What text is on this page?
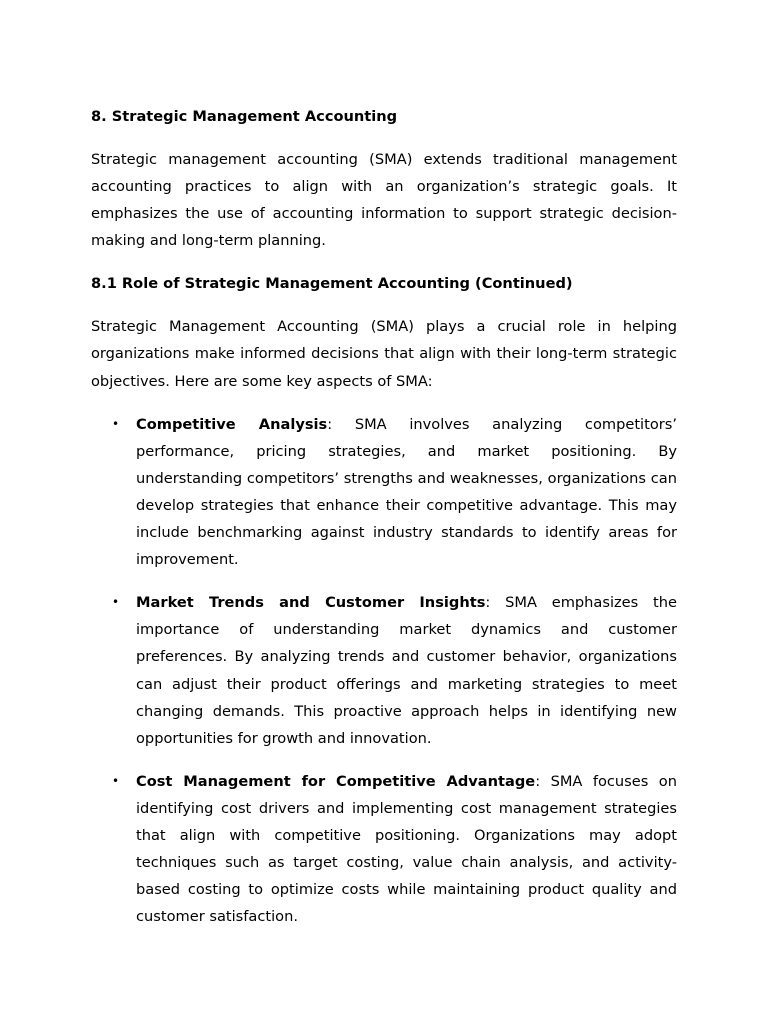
8. Strategic Management Accounting

Strategic management accounting (SMA) extends traditional management accounting practices to align with an organization’s strategic goals. It emphasizes the use of accounting information to support strategic decision-making and long-term planning.

8.1 Role of Strategic Management Accounting (Continued)

Strategic Management Accounting (SMA) plays a crucial role in helping organizations make informed decisions that align with their long-term strategic objectives. Here are some key aspects of SMA:

• Competitive Analysis: SMA involves analyzing competitors’ performance, pricing strategies, and market positioning. By understanding competitors’ strengths and weaknesses, organizations can develop strategies that enhance their competitive advantage. This may include benchmarking against industry standards to identify areas for improvement.
• Market Trends and Customer Insights: SMA emphasizes the importance of understanding market dynamics and customer preferences. By analyzing trends and customer behavior, organizations can adjust their product offerings and marketing strategies to meet changing demands. This proactive approach helps in identifying new opportunities for growth and innovation.
• Cost Management for Competitive Advantage: SMA focuses on identifying cost drivers and implementing cost management strategies that align with competitive positioning. Organizations may adopt techniques such as target costing, value chain analysis, and activity-based costing to optimize costs while maintaining product quality and customer satisfaction.
